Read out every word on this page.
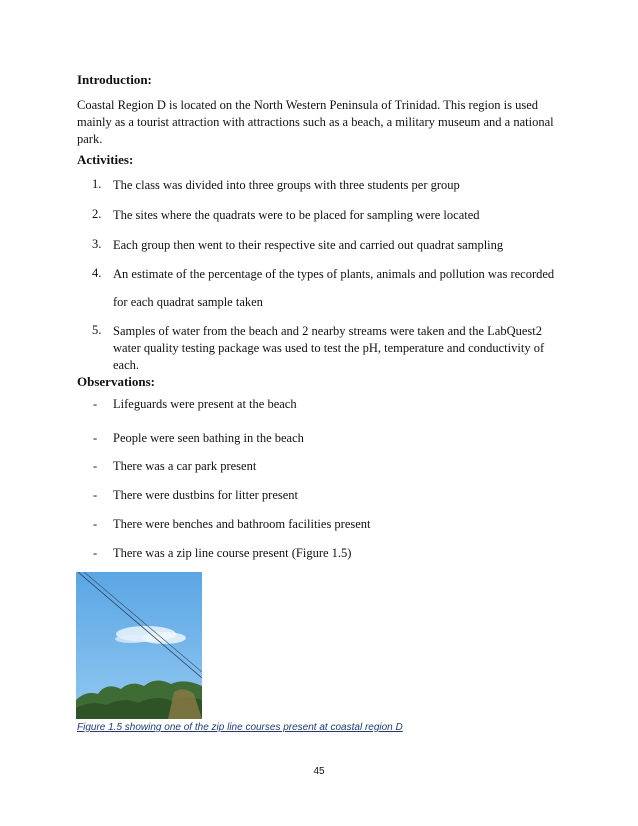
Introduction:
Coastal Region D is located on the North Western Peninsula of Trinidad. This region is used mainly as a tourist attraction with attractions such as a beach, a military museum and a national park.
Activities:
1. The class was divided into three groups with three students per group
2. The sites where the quadrats were to be placed for sampling were located
3. Each group then went to their respective site and carried out quadrat sampling
4. An estimate of the percentage of the types of plants, animals and pollution was recorded
for each quadrat sample taken
5. Samples of water from the beach and 2 nearby streams were taken and the LabQuest2 water quality testing package was used to test the pH, temperature and conductivity of each.
Observations:
- Lifeguards were present at the beach
- People were seen bathing in the beach
- There was a car park present
- There were dustbins for litter present
- There were benches and bathroom facilities present
- There was a zip line course present (Figure 1.5)
Figure 1.5 showing one of the zip line courses present at coastal region D
45
